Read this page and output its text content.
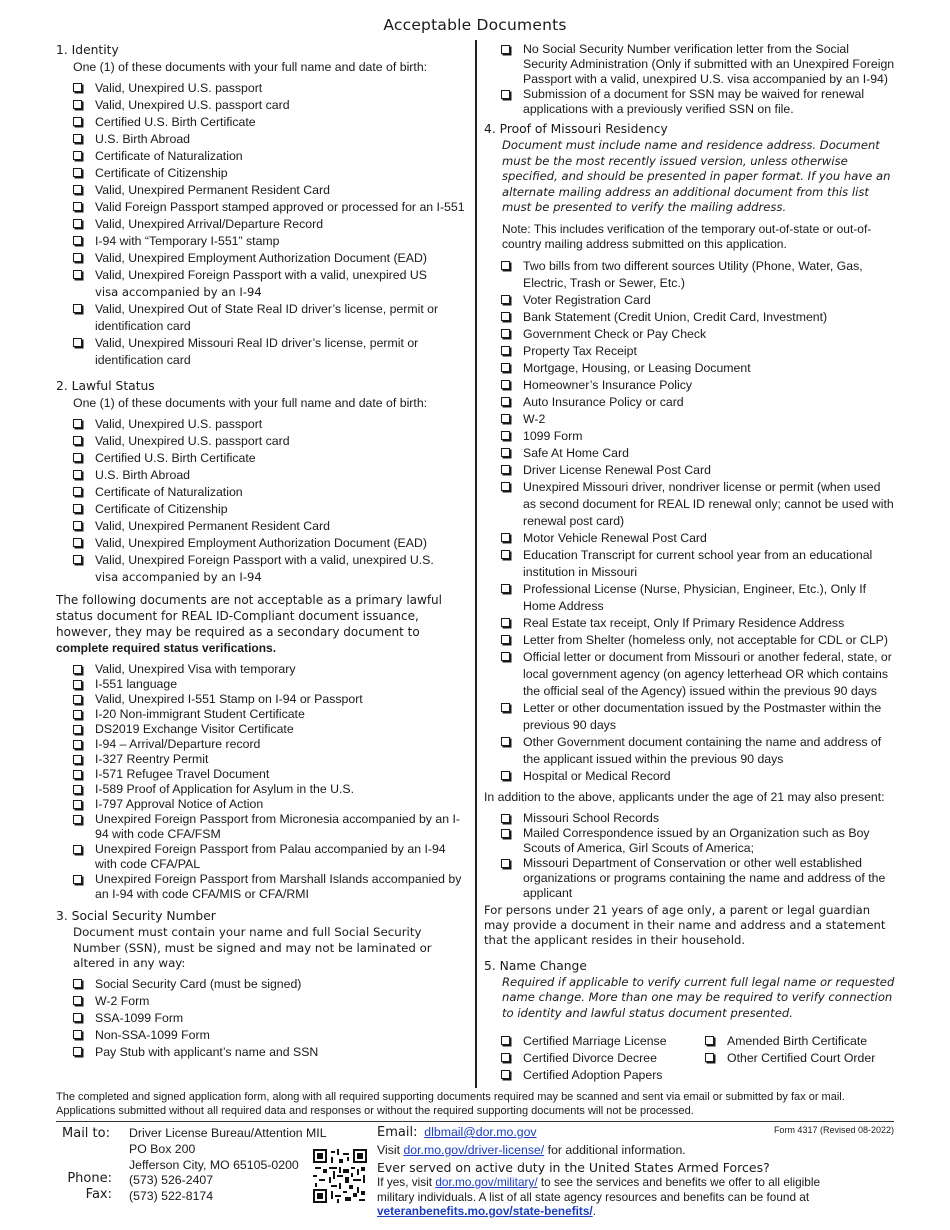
Acceptable Documents
1. Identity
One (1) of these documents with your full name and date of birth:
Valid, Unexpired U.S. passport
Valid, Unexpired U.S. passport card
Certified U.S. Birth Certificate
U.S. Birth Abroad
Certificate of Naturalization
Certificate of Citizenship
Valid, Unexpired Permanent Resident Card
Valid Foreign Passport stamped approved or processed for an I-551
Valid, Unexpired Arrival/Departure Record
I-94 with “Temporary I-551” stamp
Valid, Unexpired Employment Authorization Document (EAD)
Valid, Unexpired Foreign Passport with a valid, unexpired US
visa accompanied by an I-94
Valid, Unexpired Out of State Real ID driver’s license, permit or identification card
Valid, Unexpired Missouri Real ID driver’s license, permit or identification card
2. Lawful Status
One (1) of these documents with your full name and date of birth:
Valid, Unexpired U.S. passport
Valid, Unexpired U.S. passport card
Certified U.S. Birth Certificate
U.S. Birth Abroad
Certificate of Naturalization
Certificate of Citizenship
Valid, Unexpired Permanent Resident Card
Valid, Unexpired Employment Authorization Document (EAD)
Valid, Unexpired Foreign Passport with a valid, unexpired U.S.
visa accompanied by an I-94
The following documents are not acceptable as a primary lawful status document for REAL ID-Compliant document issuance, however, they may be required as a secondary document to complete required status verifications.
Valid, Unexpired Visa with temporary
I-551 language
Valid, Unexpired I-551 Stamp on I-94 or Passport
I-20 Non-immigrant Student Certificate
DS2019 Exchange Visitor Certificate
I-94 – Arrival/Departure record
I-327 Reentry Permit
I-571 Refugee Travel Document
I-589 Proof of Application for Asylum in the U.S.
I-797 Approval Notice of Action
Unexpired Foreign Passport from Micronesia accompanied by an I-94 with code CFA/FSM
Unexpired Foreign Passport from Palau accompanied by an I-94 with code CFA/PAL
Unexpired Foreign Passport from Marshall Islands accompanied by an I-94 with code CFA/MIS or CFA/RMI
3. Social Security Number
Document must contain your name and full Social Security Number (SSN), must be signed and may not be laminated or altered in any way:
Social Security Card (must be signed)
W-2 Form
SSA-1099 Form
Non-SSA-1099 Form
Pay Stub with applicant’s name and SSN
No Social Security Number verification letter from the Social Security Administration (Only if submitted with an Unexpired Foreign Passport with a valid, unexpired U.S. visa accompanied by an I-94)
Submission of a document for SSN may be waived for renewal applications with a previously verified SSN on file.
4. Proof of Missouri Residency
Document must include name and residence address. Document must be the most recently issued version, unless otherwise specified, and should be presented in paper format. If you have an alternate mailing address an additional document from this list must be presented to verify the mailing address.
Note: This includes verification of the temporary out-of-state or out-of-country mailing address submitted on this application.
Two bills from two different sources Utility (Phone, Water, Gas, Electric, Trash or Sewer, Etc.)
Voter Registration Card
Bank Statement (Credit Union, Credit Card, Investment)
Government Check or Pay Check
Property Tax Receipt
Mortgage, Housing, or Leasing Document
Homeowner’s Insurance Policy
Auto Insurance Policy or card
W-2
1099 Form
Safe At Home Card
Driver License Renewal Post Card
Unexpired Missouri driver, nondriver license or permit (when used as second document for REAL ID renewal only; cannot be used with renewal post card)
Motor Vehicle Renewal Post Card
Education Transcript for current school year from an educational institution in Missouri
Professional License (Nurse, Physician, Engineer, Etc.), Only If Home Address
Real Estate tax receipt, Only If Primary Residence Address
Letter from Shelter (homeless only, not acceptable for CDL or CLP)
Official letter or document from Missouri or another federal, state, or local government agency (on agency letterhead OR which contains the official seal of the Agency) issued within the previous 90 days
Letter or other documentation issued by the Postmaster within the previous 90 days
Other Government document containing the name and address of the applicant issued within the previous 90 days
Hospital or Medical Record
In addition to the above, applicants under the age of 21 may also present:
Missouri School Records
Mailed Correspondence issued by an Organization such as Boy Scouts of America, Girl Scouts of America;
Missouri Department of Conservation or other well established organizations or programs containing the name and address of the applicant
For persons under 21 years of age only, a parent or legal guardian may provide a document in their name and address and a statement that the applicant resides in their household.
5. Name Change
Required if applicable to verify current full legal name or requested name change. More than one may be required to verify connection to identity and lawful status document presented.
Certified Marriage License
Certified Divorce Decree
Certified Adoption Papers
Amended Birth Certificate
Other Certified Court Order
The completed and signed application form, along with all required supporting documents required may be scanned and sent via email or submitted by fax or mail. Applications submitted without all required data and responses or without the required supporting documents will not be processed.
Mail to: Driver License Bureau/Attention MIL
PO Box 200
Jefferson City, MO 65105-0200
Phone: (573) 526-2407
Fax: (573) 522-8174
Email: dlbmail@dor.mo.gov
Visit dor.mo.gov/driver-license/ for additional information.
Form 4317 (Revised 08-2022)
Ever served on active duty in the United States Armed Forces?
If yes, visit dor.mo.gov/military/ to see the services and benefits we offer to all eligible military individuals. A list of all state agency resources and benefits can be found at veteranbenefits.mo.gov/state-benefits/.
